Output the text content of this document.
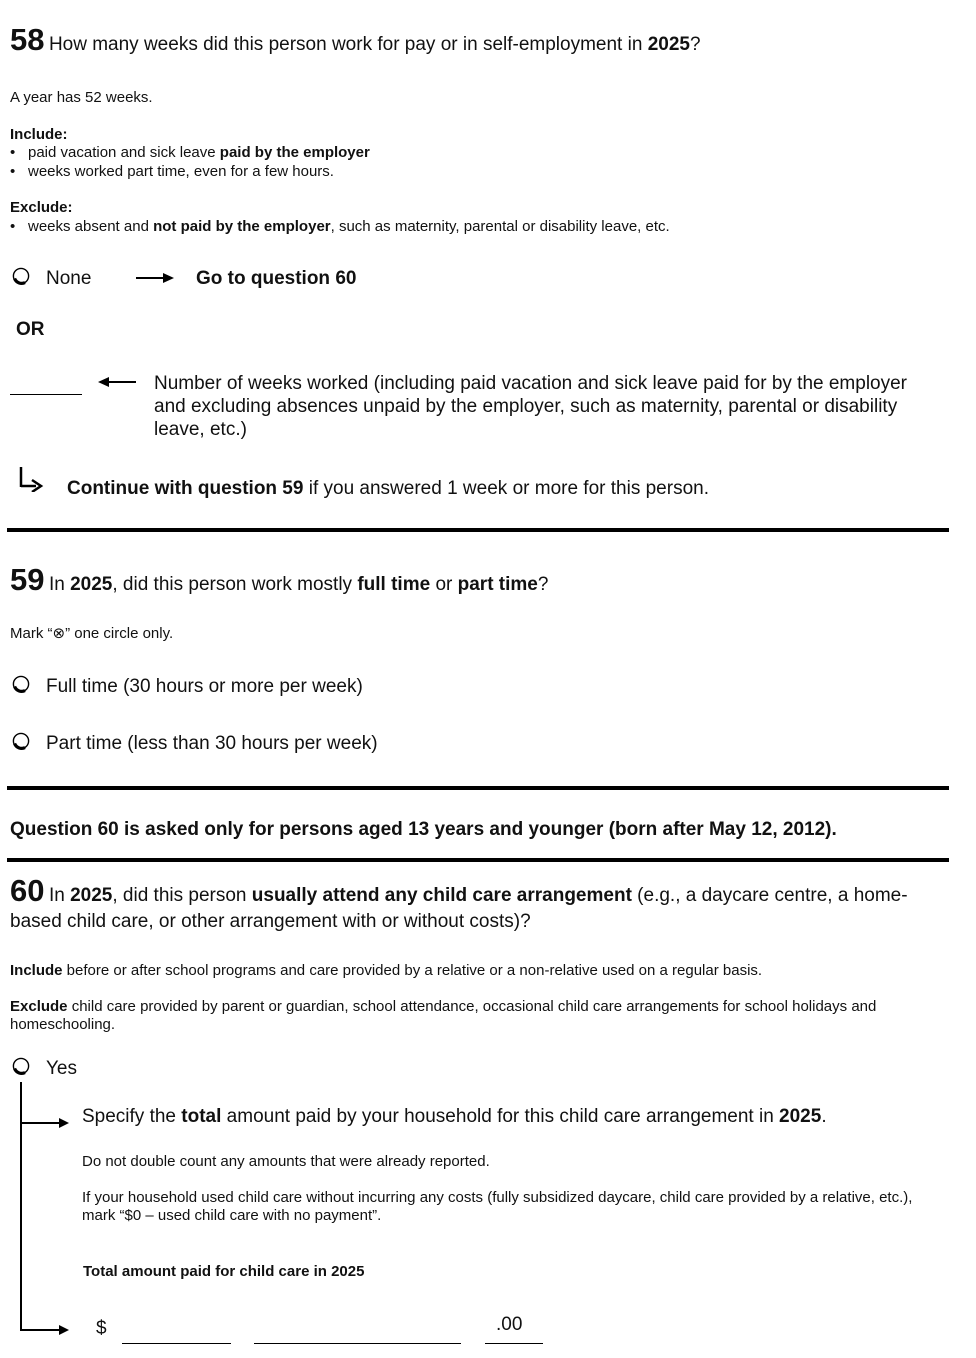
58 How many weeks did this person work for pay or in self-employment in 2025?
A year has 52 weeks.
Include:
• paid vacation and sick leave paid by the employer
• weeks worked part time, even for a few hours.
Exclude:
• weeks absent and not paid by the employer, such as maternity, parental or disability leave, etc.
None	Go to question 60
OR
Number of weeks worked (including paid vacation and sick leave paid for by the employer and excluding absences unpaid by the employer, such as maternity, parental or disability leave, etc.)
Continue with question 59 if you answered 1 week or more for this person.
59 In 2025, did this person work mostly full time or part time?
Mark “⊗” one circle only.
Full time (30 hours or more per week)
Part time (less than 30 hours per week)
Question 60 is asked only for persons aged 13 years and younger (born after May 12, 2012).
60 In 2025, did this person usually attend any child care arrangement (e.g., a daycare centre, a home-based child care, or other arrangement with or without costs)?
Include before or after school programs and care provided by a relative or a non-relative used on a regular basis.
Exclude child care provided by parent or guardian, school attendance, occasional child care arrangements for school holidays and homeschooling.
Yes
Specify the total amount paid by your household for this child care arrangement in 2025.
Do not double count any amounts that were already reported.
If your household used child care without incurring any costs (fully subsidized daycare, child care provided by a relative, etc.), mark “$0 – used child care with no payment”.
Total amount paid for child care in 2025
$	.00
